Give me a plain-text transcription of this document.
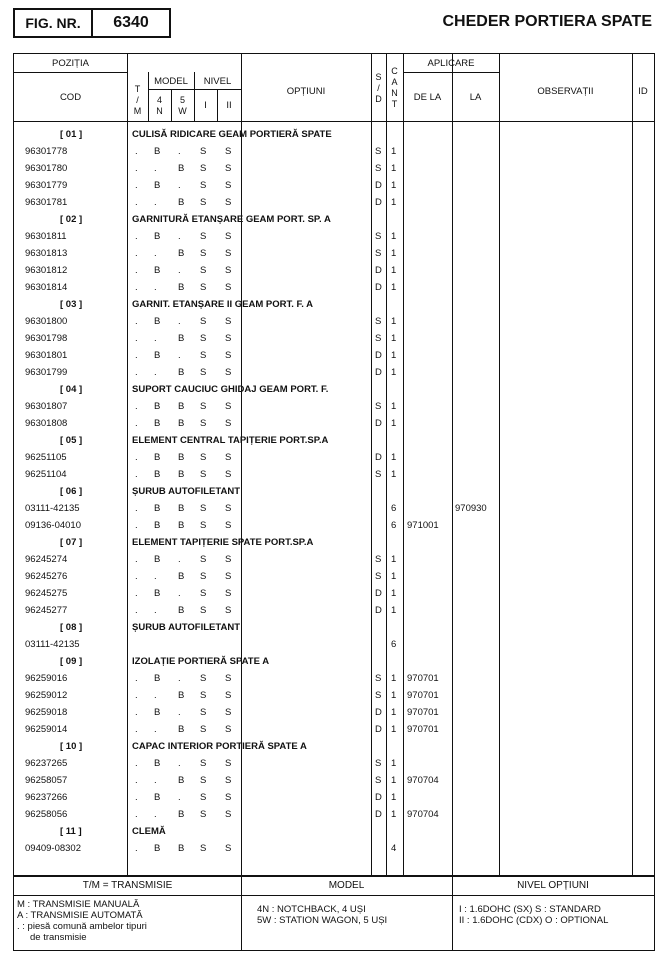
FIG. NR.	6340	CHEDER PORTIERA SPATE
POZIȚIA
COD
T
/
M
MODEL	NIVEL
4
N
5
W	I	II
OPȚIUNI
S
/
D
C
A
N
T
APLICARE
DE LA	LA
OBSERVAȚII	ID
[ 01 ]	CULISĂ RIDICARE GEAM PORTIERĂ SPATE
96301778	. B . S S	S 1
96301780	. . B S S	S 1
96301779	. B . S S	D 1
96301781	. . B S S	D 1
[ 02 ]	GARNITURĂ ETANȘARE GEAM PORT. SP. A
96301811	. B . S S	S 1
96301813	. . B S S	S 1
96301812	. B . S S	D 1
96301814	. . B S S	D 1
[ 03 ]	GARNIT. ETANȘARE II GEAM PORT. F. A
96301800	. B . S S	S 1
96301798	. . B S S	S 1
96301801	. B . S S	D 1
96301799	. . B S S	D 1
[ 04 ]	SUPORT CAUCIUC GHIDAJ GEAM PORT. F.
96301807	. B B S S	S 1
96301808	. B B S S	D 1
[ 05 ]	ELEMENT CENTRAL TAPIȚERIE PORT.SP.A
96251105	. B B S S	D 1
96251104	. B B S S	S 1
[ 06 ]	ȘURUB AUTOFILETANT
03111-42135	. B B S S	6	970930
09136-04010	. B B S S	6 971001
[ 07 ]	ELEMENT TAPIȚERIE SPATE PORT.SP.A
96245274	. B . S S	S 1
96245276	. . B S S	S 1
96245275	. B . S S	D 1
96245277	. . B S S	D 1
[ 08 ]	ȘURUB AUTOFILETANT
03111-42135	6
[ 09 ]	IZOLAȚIE PORTIERĂ SPATE A
96259016	. B . S S	S 1 970701
96259012	. . B S S	S 1 970701
96259018	. B . S S	D 1 970701
96259014	. . B S S	D 1 970701
[ 10 ]	CAPAC INTERIOR PORTIERĂ SPATE A
96237265	. B . S S	S 1
96258057	. . B S S	S 1 970704
96237266	. B . S S	D 1
96258056	. . B S S	D 1 970704
[ 11 ]	CLEMĂ
09409-08302	. B B S S	4
T/M = TRANSMISIE	MODEL	NIVEL OPȚIUNI
M : TRANSMISIE MANUALĂ
A : TRANSMISIE AUTOMATĂ
. : piesă comună ambelor tipuri
de transmisie
4N : NOTCHBACK, 4 UȘI
5W : STATION WAGON, 5 UȘI
I : 1.6DOHC (SX) S : STANDARD
II : 1.6DOHC (CDX) O : OPTIONAL
